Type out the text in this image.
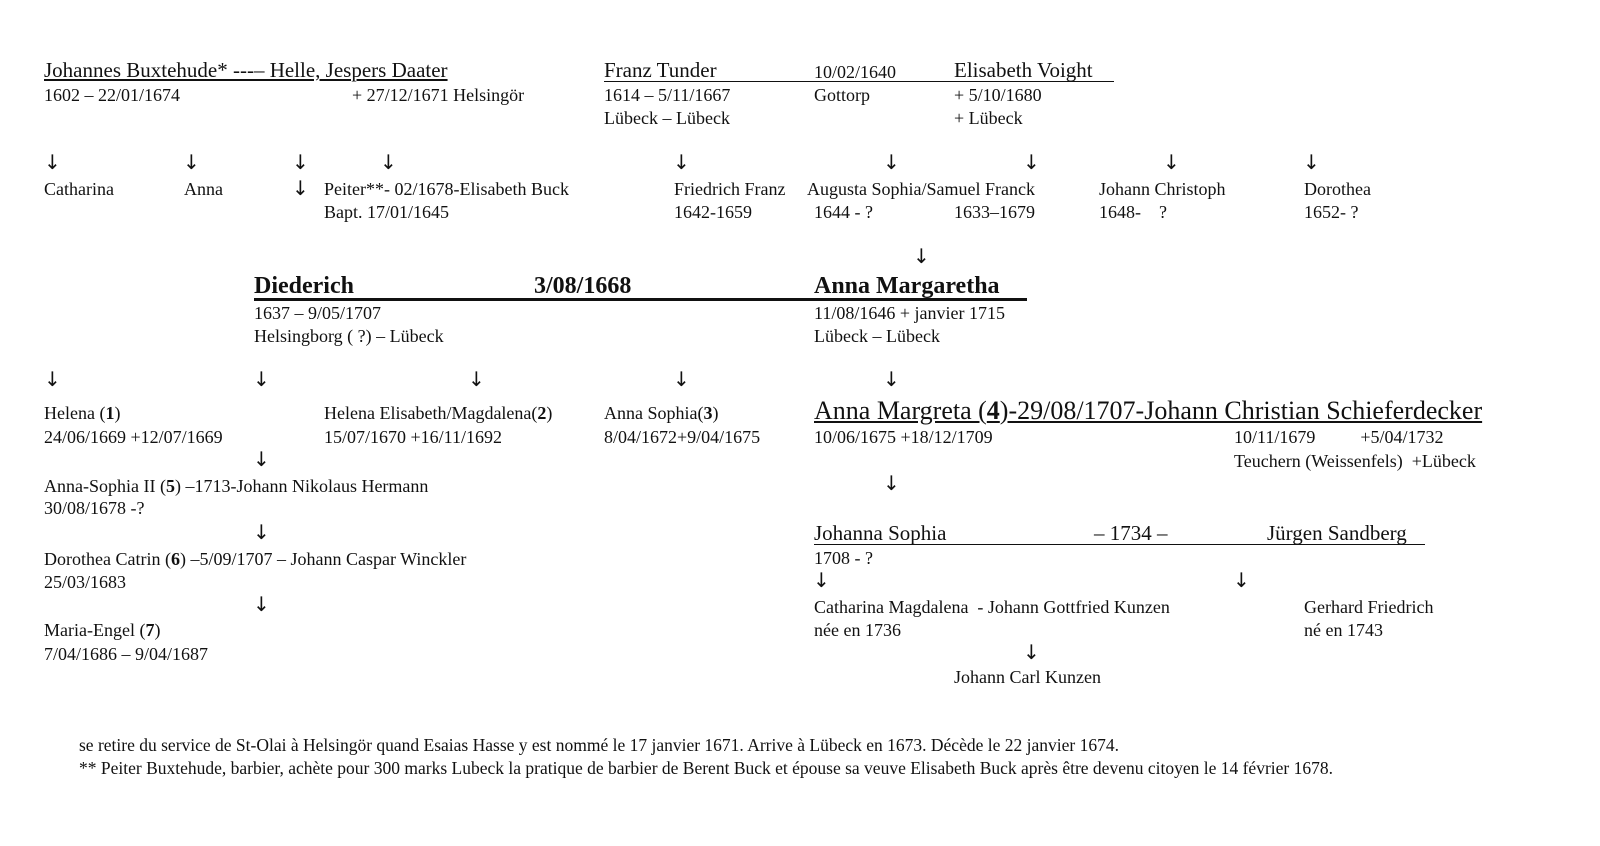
Johannes Buxtehude* ---– Helle, Jespers Daater
1602 – 22/01/1674	+ 27/12/1671 Helsingör
Franz Tunder
1614 – 5/11/1667
Lübeck – Lübeck
10/02/1640
Gottorp
Elisabeth Voight
+ 5/10/1680
+ Lübeck
↓	↓	↓	↓	↓	↓	↓	↓	↓
Catharina	Anna	↓ Peiter**- 02/1678-Elisabeth Buck
Bapt. 17/01/1645
Friedrich Franz
1642-1659
Augusta Sophia/Samuel Franck
1644 - ?	1633–1679
Johann Christoph
1648-    ?
Dorothea
1652- ?
↓
Diederich	3/08/1668	Anna Margaretha
1637 – 9/05/1707
Helsingborg ( ?) – Lübeck
11/08/1646 + janvier 1715
Lübeck – Lübeck
↓	↓	↓	↓	↓
Helena (1)
24/06/1669 +12/07/1669
Helena Elisabeth/Magdalena(2)
15/07/1670 +16/11/1692
Anna Sophia(3)
8/04/1672+9/04/1675
Anna Margreta (4)-29/08/1707-Johann Christian Schieferdecker
10/06/1675 +18/12/1709	10/11/1679          +5/04/1732
Teuchern (Weissenfels)  +Lübeck
↓
Anna-Sophia II (5) –1713-Johann Nikolaus Hermann
30/08/1678 -?
↓
Dorothea Catrin (6) –5/09/1707 – Johann Caspar Winckler
25/03/1683
↓
Maria-Engel (7)
7/04/1686 – 9/04/1687
↓
Johanna Sophia	– 1734 –	Jürgen Sandberg
1708 - ?
↓	↓
Catharina Magdalena  - Johann Gottfried Kunzen
née en 1736
Gerhard Friedrich
né en 1743
↓
Johann Carl Kunzen
se retire du service de St-Olai à Helsingör quand Esaias Hasse y est nommé le 17 janvier 1671. Arrive à Lübeck en 1673. Décède le 22 janvier 1674.
** Peiter Buxtehude, barbier, achète pour 300 marks Lubeck la pratique de barbier de Berent Buck et épouse sa veuve Elisabeth Buck après être devenu citoyen le 14 février 1678.
